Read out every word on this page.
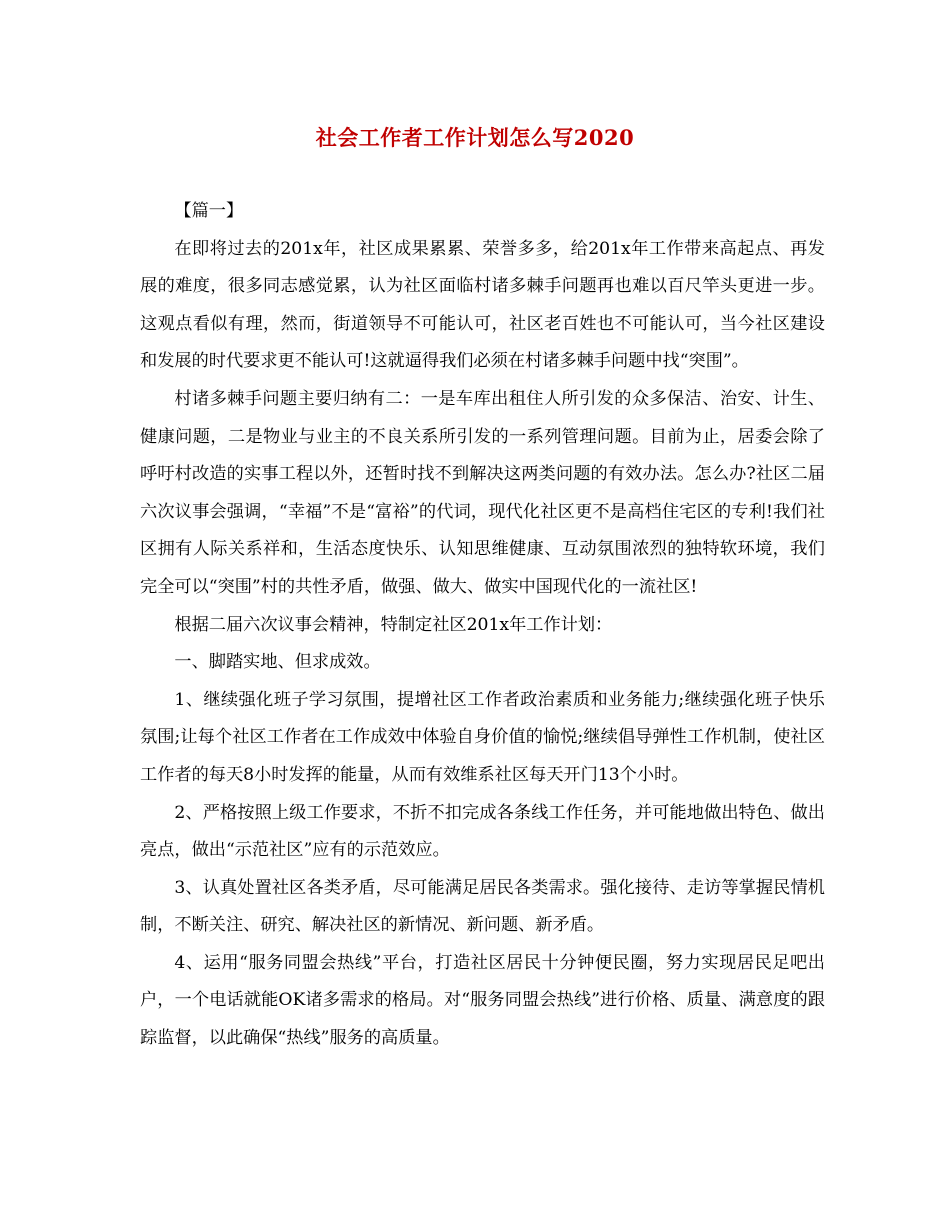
社会工作者工作计划怎么写2020

【篇一】

在即将过去的201x年，社区成果累累、荣誉多多，给201x年工作带来高起点、再发展的难度，很多同志感觉累，认为社区面临村诸多棘手问题再也难以百尺竿头更进一步。这观点看似有理，然而，街道领导不可能认可，社区老百姓也不可能认可，当今社区建设和发展的时代要求更不能认可!这就逼得我们必须在村诸多棘手问题中找“突围”。

村诸多棘手问题主要归纳有二：一是车库出租住人所引发的众多保洁、治安、计生、健康问题，二是物业与业主的不良关系所引发的一系列管理问题。目前为止，居委会除了呼吁村改造的实事工程以外，还暂时找不到解决这两类问题的有效办法。怎么办?社区二届六次议事会强调，“幸福”不是“富裕”的代词，现代化社区更不是高档住宅区的专利!我们社区拥有人际关系祥和，生活态度快乐、认知思维健康、互动氛围浓烈的独特软环境，我们完全可以“突围”村的共性矛盾，做强、做大、做实中国现代化的一流社区!

根据二届六次议事会精神，特制定社区201x年工作计划：

一、脚踏实地、但求成效。

1、继续强化班子学习氛围，提增社区工作者政治素质和业务能力;继续强化班子快乐氛围;让每个社区工作者在工作成效中体验自身价值的愉悦;继续倡导弹性工作机制，使社区工作者的每天8小时发挥的能量，从而有效维系社区每天开门13个小时。

2、严格按照上级工作要求，不折不扣完成各条线工作任务，并可能地做出特色、做出亮点，做出“示范社区”应有的示范效应。

3、认真处置社区各类矛盾，尽可能满足居民各类需求。强化接待、走访等掌握民情机制，不断关注、研究、解决社区的新情况、新问题、新矛盾。

4、运用“服务同盟会热线”平台，打造社区居民十分钟便民圈，努力实现居民足吧出户，一个电话就能OK诸多需求的格局。对“服务同盟会热线”进行价格、质量、满意度的跟踪监督，以此确保“热线”服务的高质量。
